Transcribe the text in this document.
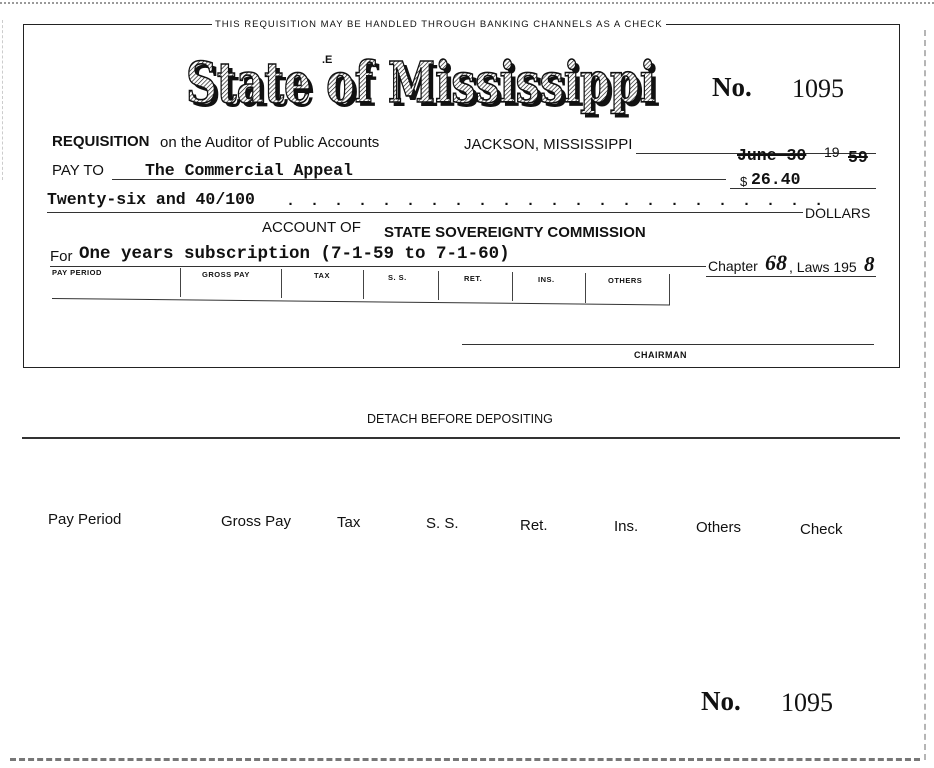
THIS REQUISITION MAY BE HANDLED THROUGH BANKING CHANNELS AS A CHECK
State of Mississippi
State of Mississippi
.E
No. 1095
REQUISITION on the Auditor of Public Accounts	JACKSON, MISSISSIPPI
June 30 19 59
PAY TO The Commercial Appeal
$ 26.40
Twenty-six and 40/100 . . . . . . . . . . . . . . . . . . . . . . .
DOLLARS
ACCOUNT OF STATE SOVEREIGNTY COMMISSION
For One years subscription (7-1-59 to 7-1-60)
Chapter 68 , Laws 195 8
PAY PERIOD	GROSS PAY	TAX	S. S.	RET.	INS.	OTHERS
CHAIRMAN
DETACH BEFORE DEPOSITING
Pay Period	Gross Pay	Tax	S. S.	Ret.	Ins.	Others	Check
No. 1095
